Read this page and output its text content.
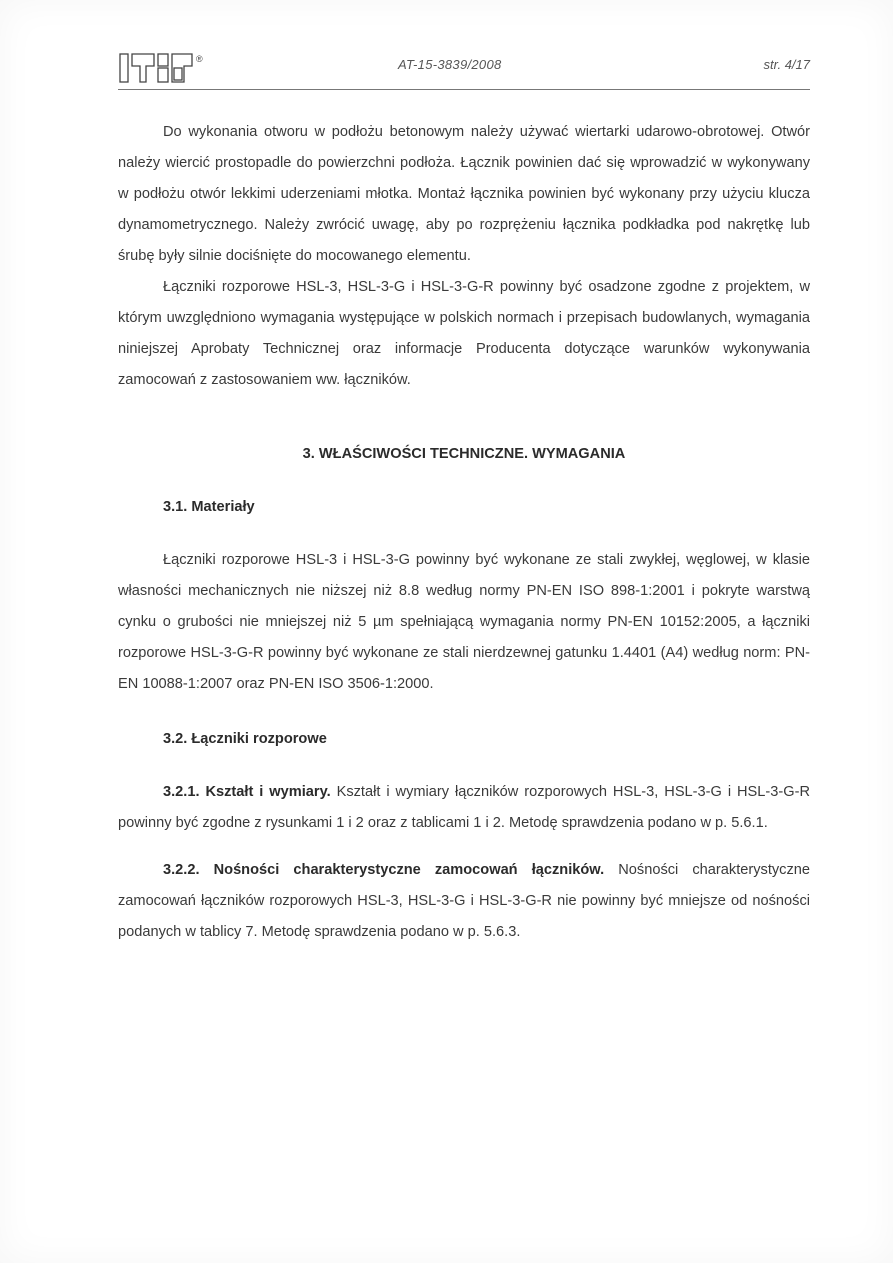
®	AT-15-3839/2008	str. 4/17

Do wykonania otworu w podłożu betonowym należy używać wiertarki udarowo-obrotowej. Otwór należy wiercić prostopadle do powierzchni podłoża. Łącznik powinien dać się wprowadzić w wykonywany w podłożu otwór lekkimi uderzeniami młotka. Montaż łącznika powinien być wykonany przy użyciu klucza dynamometrycznego. Należy zwrócić uwagę, aby po rozprężeniu łącznika podkładka pod nakrętkę lub śrubę były silnie dociśnięte do mocowanego elementu.

Łączniki rozporowe HSL-3, HSL-3-G i HSL-3-G-R powinny być osadzone zgodne z projektem, w którym uwzględniono wymagania występujące w polskich normach i przepisach budowlanych, wymagania niniejszej Aprobaty Technicznej oraz informacje Producenta dotyczące warunków wykonywania zamocowań z zastosowaniem ww. łączników.

3. WŁAŚCIWOŚCI TECHNICZNE. WYMAGANIA
3.1. Materiały

Łączniki rozporowe HSL-3 i HSL-3-G powinny być wykonane ze stali zwykłej, węglowej, w klasie własności mechanicznych nie niższej niż 8.8 według normy PN-EN ISO 898-1:2001 i pokryte warstwą cynku o grubości nie mniejszej niż 5 µm spełniającą wymagania normy PN-EN 10152:2005, a łączniki rozporowe HSL-3-G-R powinny być wykonane ze stali nierdzewnej gatunku 1.4401 (A4) według norm: PN-EN 10088-1:2007 oraz PN-EN ISO 3506-1:2000.

3.2. Łączniki rozporowe

3.2.1. Kształt i wymiary. Kształt i wymiary łączników rozporowych HSL-3, HSL-3-G i HSL-3-G-R powinny być zgodne z rysunkami 1 i 2 oraz z tablicami 1 i 2. Metodę sprawdzenia podano w p. 5.6.1.

3.2.2. Nośności charakterystyczne zamocowań łączników. Nośności charakterystyczne zamocowań łączników rozporowych HSL-3, HSL-3-G i HSL-3-G-R nie powinny być mniejsze od nośności podanych w tablicy 7. Metodę sprawdzenia podano w p. 5.6.3.
